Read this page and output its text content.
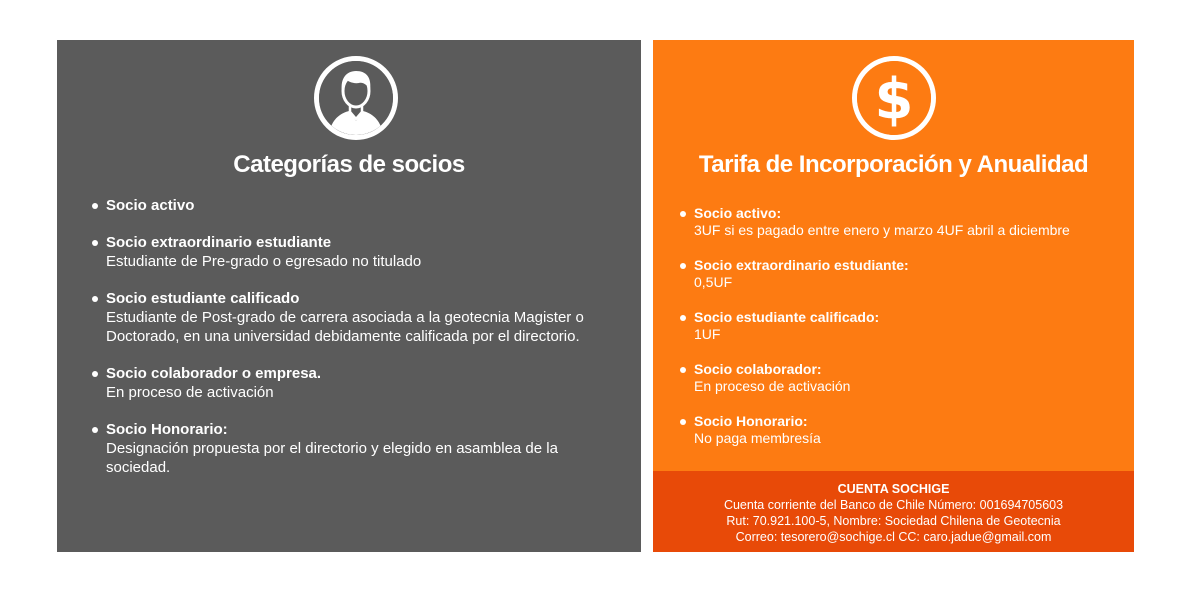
Categorías de socios
Socio activo
Socio extraordinario estudiante
Estudiante de Pre-grado o egresado no titulado
Socio estudiante calificado
Estudiante de Post-grado de carrera asociada a la geotecnia Magister o Doctorado, en una universidad debidamente calificada por el directorio.
Socio colaborador o empresa.
En proceso de activación
Socio Honorario:
Designación propuesta por el directorio y elegido en asamblea de la sociedad.
$
Tarifa de Incorporación y Anualidad
Socio activo:
3UF si es pagado entre enero y marzo 4UF abril a diciembre
Socio extraordinario estudiante:
0,5UF
Socio estudiante calificado:
1UF
Socio colaborador:
En proceso de activación
Socio Honorario:
No paga membresía
CUENTA SOCHIGE
Cuenta corriente del Banco de Chile Número: 001694705603
Rut: 70.921.100-5, Nombre: Sociedad Chilena de Geotecnia
Correo: tesorero@sochige.cl CC: caro.jadue@gmail.com
